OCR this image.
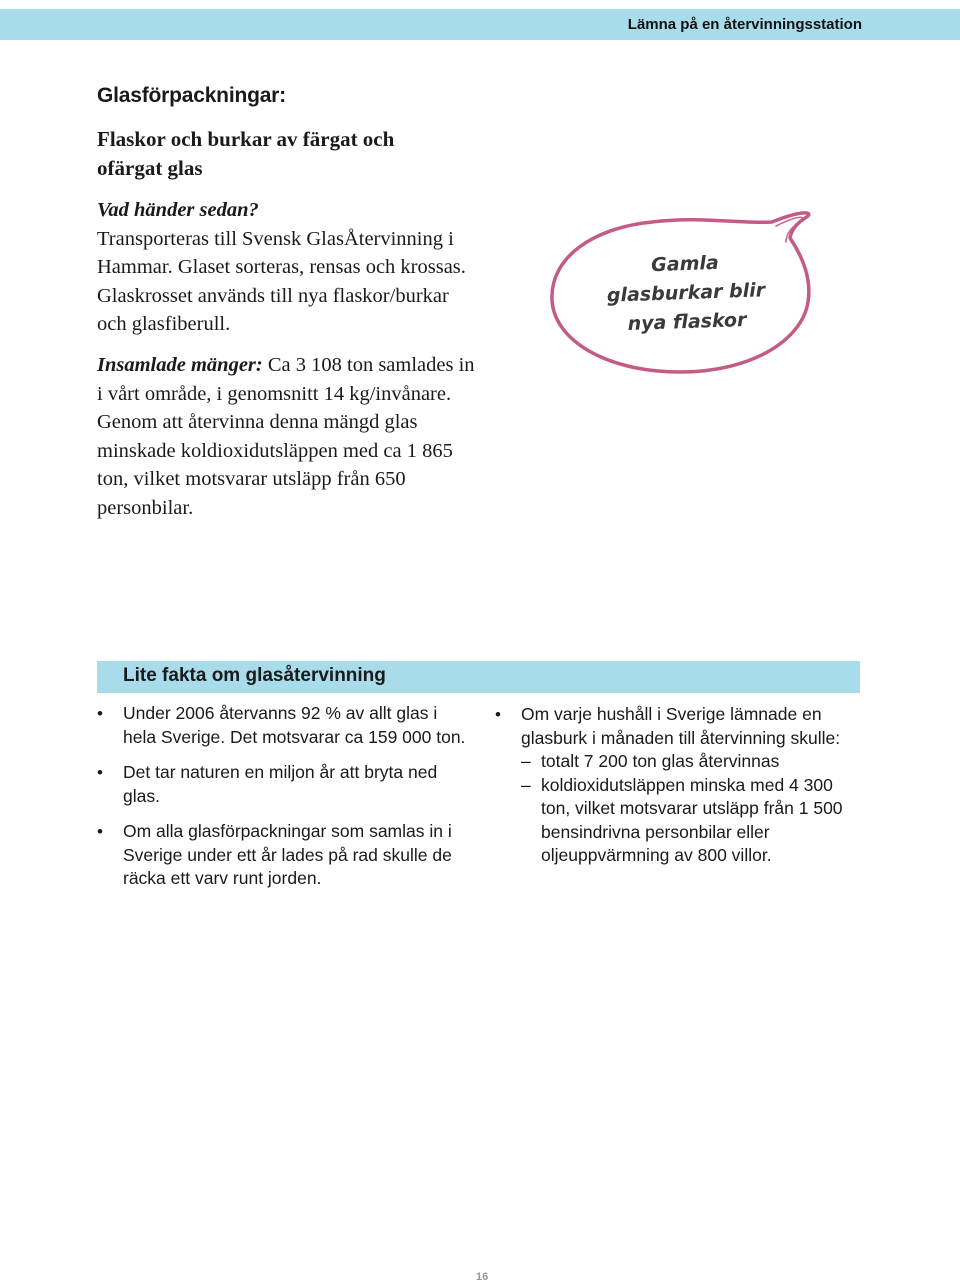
Lämna på en återvinningsstation
Glasförpackningar:
Flaskor och burkar av färgat och ofärgat glas
Vad händer sedan?
Transporteras till Svensk GlasÅtervinning i Hammar. Glaset sorteras, rensas och krossas. Glaskrosset används till nya flaskor/burkar och glasfiberull.
Insamlade mänger: Ca 3 108 ton samlades in i vårt område, i genomsnitt 14 kg/invånare. Genom att återvinna denna mängd glas minskade koldioxidutsläppen med ca 1 865 ton, vilket motsvarar utsläpp från 650 personbilar.
Gamla
glasburkar blir
nya flaskor
Lite fakta om glasåtervinning
• Under 2006 återvanns 92 % av allt glas i hela Sverige. Det motsvarar ca 159 000 ton.
• Det tar naturen en miljon år att bryta ned glas.
• Om alla glasförpackningar som samlas in i Sverige under ett år lades på rad skulle de räcka ett varv runt jorden.
• Om varje hushåll i Sverige lämnade en glasburk i månaden till återvinning skulle:
– totalt 7 200 ton glas återvinnas
– koldioxidutsläppen minska med 4 300 ton, vilket motsvarar utsläpp från 1 500 bensindrivna personbilar eller oljeuppvärmning av 800 villor.
16
